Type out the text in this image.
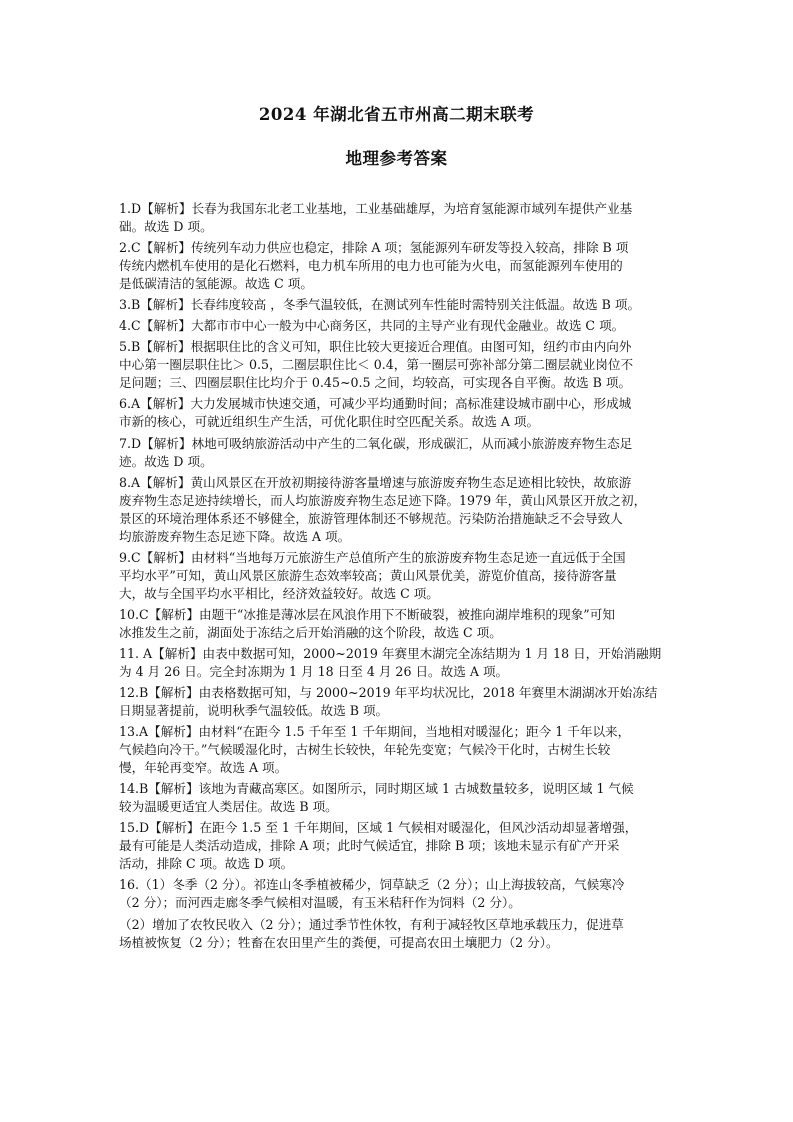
2024 年湖北省五市州高二期末联考
地理参考答案
1.D【解析】长春为我国东北老工业基地，工业基础雄厚，为培育氢能源市域列车提供产业基
础。故选 D 项。
2.C【解析】传统列车动力供应也稳定，排除 A 项；氢能源列车研发等投入较高，排除 B 项
传统内燃机车使用的是化石燃料，电力机车所用的电力也可能为火电，而氢能源列车使用的
是低碳清洁的氢能源。故选 C 项。
3.B【解析】长春纬度较高 ，冬季气温较低，在测试列车性能时需特别关注低温。故选 B 项。
4.C【解析】大都市市中心一般为中心商务区，共同的主导产业有现代金融业。故选 C 项。
5.B【解析】根据职住比的含义可知，职住比较大更接近合理值。由图可知，纽约市由内向外
中心第一圈层职住比＞ 0.5，二圈层职住比＜ 0.4，第一圈层可弥补部分第二圈层就业岗位不
足问题；三、四圈层职住比均介于 0.45~0.5 之间，均较高，可实现各自平衡。故选 B 项。
6.A【解析】大力发展城市快速交通，可减少平均通勤时间；高标准建设城市副中心，形成城
市新的核心，可就近组织生产生活，可优化职住时空匹配关系。故选 A 项。
7.D【解析】林地可吸纳旅游活动中产生的二氧化碳，形成碳汇，从而减小旅游废弃物生态足
迹。故选 D 项。
8.A【解析】黄山风景区在开放初期接待游客量增速与旅游废弃物生态足迹相比较快，故旅游
废弃物生态足迹持续增长，而人均旅游废弃物生态足迹下降。1979 年，黄山风景区开放之初，
景区的环境治理体系还不够健全，旅游管理体制还不够规范。污染防治措施缺乏不会导致人
均旅游废弃物生态足迹下降。故选 A 项。
9.C【解析】由材料“当地每万元旅游生产总值所产生的旅游废弃物生态足迹一直远低于全国
平均水平”可知，黄山风景区旅游生态效率较高；黄山风景优美，游览价值高，接待游客量
大，故与全国平均水平相比，经济效益较好。故选 C 项。
10.C【解析】由题干“冰推是薄冰层在风浪作用下不断破裂，被推向湖岸堆积的现象”可知
冰推发生之前，湖面处于冻结之后开始消融的这个阶段，故选 C 项。
11. A【解析】由表中数据可知，2000~2019 年赛里木湖完全冻结期为 1 月 18 日，开始消融期
为 4 月 26 日。完全封冻期为 1 月 18 日至 4 月 26 日。故选 A 项。
12.B【解析】由表格数据可知，与 2000~2019 年平均状况比，2018 年赛里木湖湖冰开始冻结
日期显著提前，说明秋季气温较低。故选 B 项。
13.A【解析】由材料“在距今 1.5 千年至 1 千年期间，当地相对暖湿化；距今 1 千年以来，
气候趋向冷干。”气候暖湿化时，古树生长较快，年轮先变宽；气候冷干化时，古树生长较
慢，年轮再变窄。故选 A 项。
14.B【解析】该地为青藏高寒区。如图所示，同时期区域 1 古城数量较多，说明区域 1 气候
较为温暖更适宜人类居住。故选 B 项。
15.D【解析】在距今 1.5 至 1 千年期间，区域 1 气候相对暖湿化，但风沙活动却显著增强，
最有可能是人类活动造成，排除 A 项；此时气候适宜，排除 B 项；该地未显示有矿产开采
活动，排除 C 项。故选 D 项。
16.（1）冬季（2 分）。祁连山冬季植被稀少，饲草缺乏（2 分）；山上海拔较高，气候寒冷
（2 分）；而河西走廊冬季气候相对温暖，有玉米秸秆作为饲料（2 分）。
（2）增加了农牧民收入（2 分）；通过季节性休牧，有利于减轻牧区草地承载压力，促进草
场植被恢复（2 分）；牲畜在农田里产生的粪便，可提高农田土壤肥力（2 分）。
